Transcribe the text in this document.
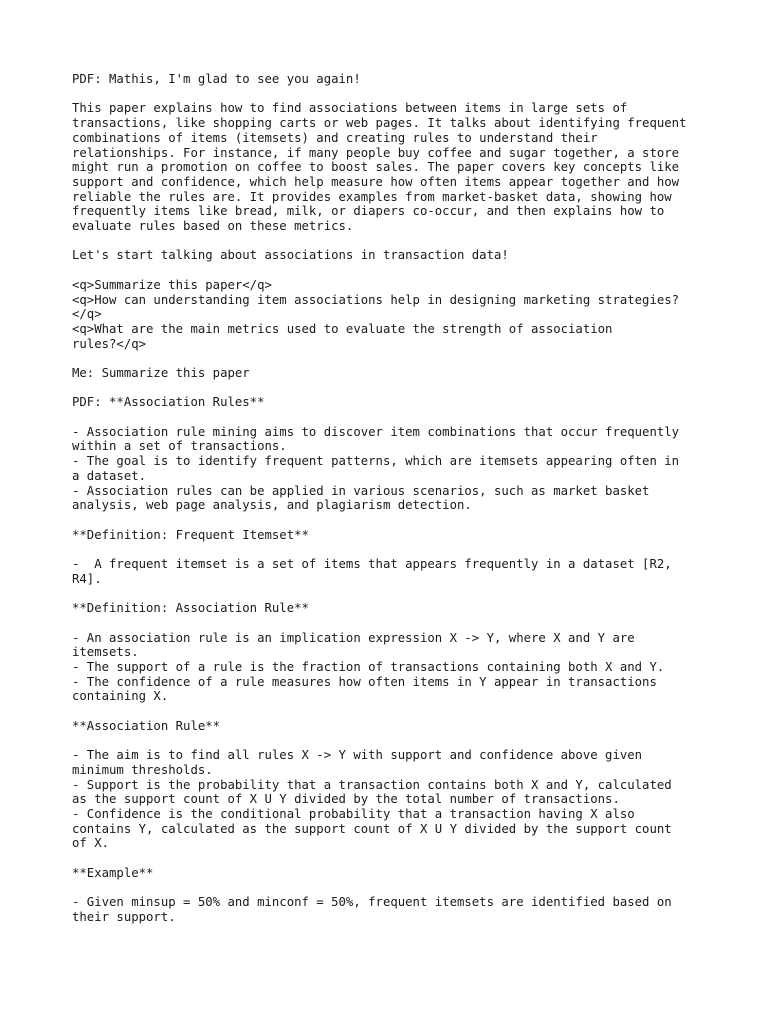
PDF: Mathis, I'm glad to see you again!
This paper explains how to find associations between items in large sets of
transactions, like shopping carts or web pages. It talks about identifying frequent
combinations of items (itemsets) and creating rules to understand their
relationships. For instance, if many people buy coffee and sugar together, a store
might run a promotion on coffee to boost sales. The paper covers key concepts like
support and confidence, which help measure how often items appear together and how
reliable the rules are. It provides examples from market-basket data, showing how
frequently items like bread, milk, or diapers co-occur, and then explains how to
evaluate rules based on these metrics.
Let's start talking about associations in transaction data!
<q>Summarize this paper</q>
<q>How can understanding item associations help in designing marketing strategies?
</q>
<q>What are the main metrics used to evaluate the strength of association
rules?</q>
Me: Summarize this paper
PDF: **Association Rules**
- Association rule mining aims to discover item combinations that occur frequently
within a set of transactions.
- The goal is to identify frequent patterns, which are itemsets appearing often in
a dataset.
- Association rules can be applied in various scenarios, such as market basket
analysis, web page analysis, and plagiarism detection.
**Definition: Frequent Itemset**
-  A frequent itemset is a set of items that appears frequently in a dataset [R2,
R4].
**Definition: Association Rule**
- An association rule is an implication expression X -> Y, where X and Y are
itemsets.
- The support of a rule is the fraction of transactions containing both X and Y.
- The confidence of a rule measures how often items in Y appear in transactions
containing X.
**Association Rule**
- The aim is to find all rules X -> Y with support and confidence above given
minimum thresholds.
- Support is the probability that a transaction contains both X and Y, calculated
as the support count of X U Y divided by the total number of transactions.
- Confidence is the conditional probability that a transaction having X also
contains Y, calculated as the support count of X U Y divided by the support count
of X.
**Example**
- Given minsup = 50% and minconf = 50%, frequent itemsets are identified based on
their support.
